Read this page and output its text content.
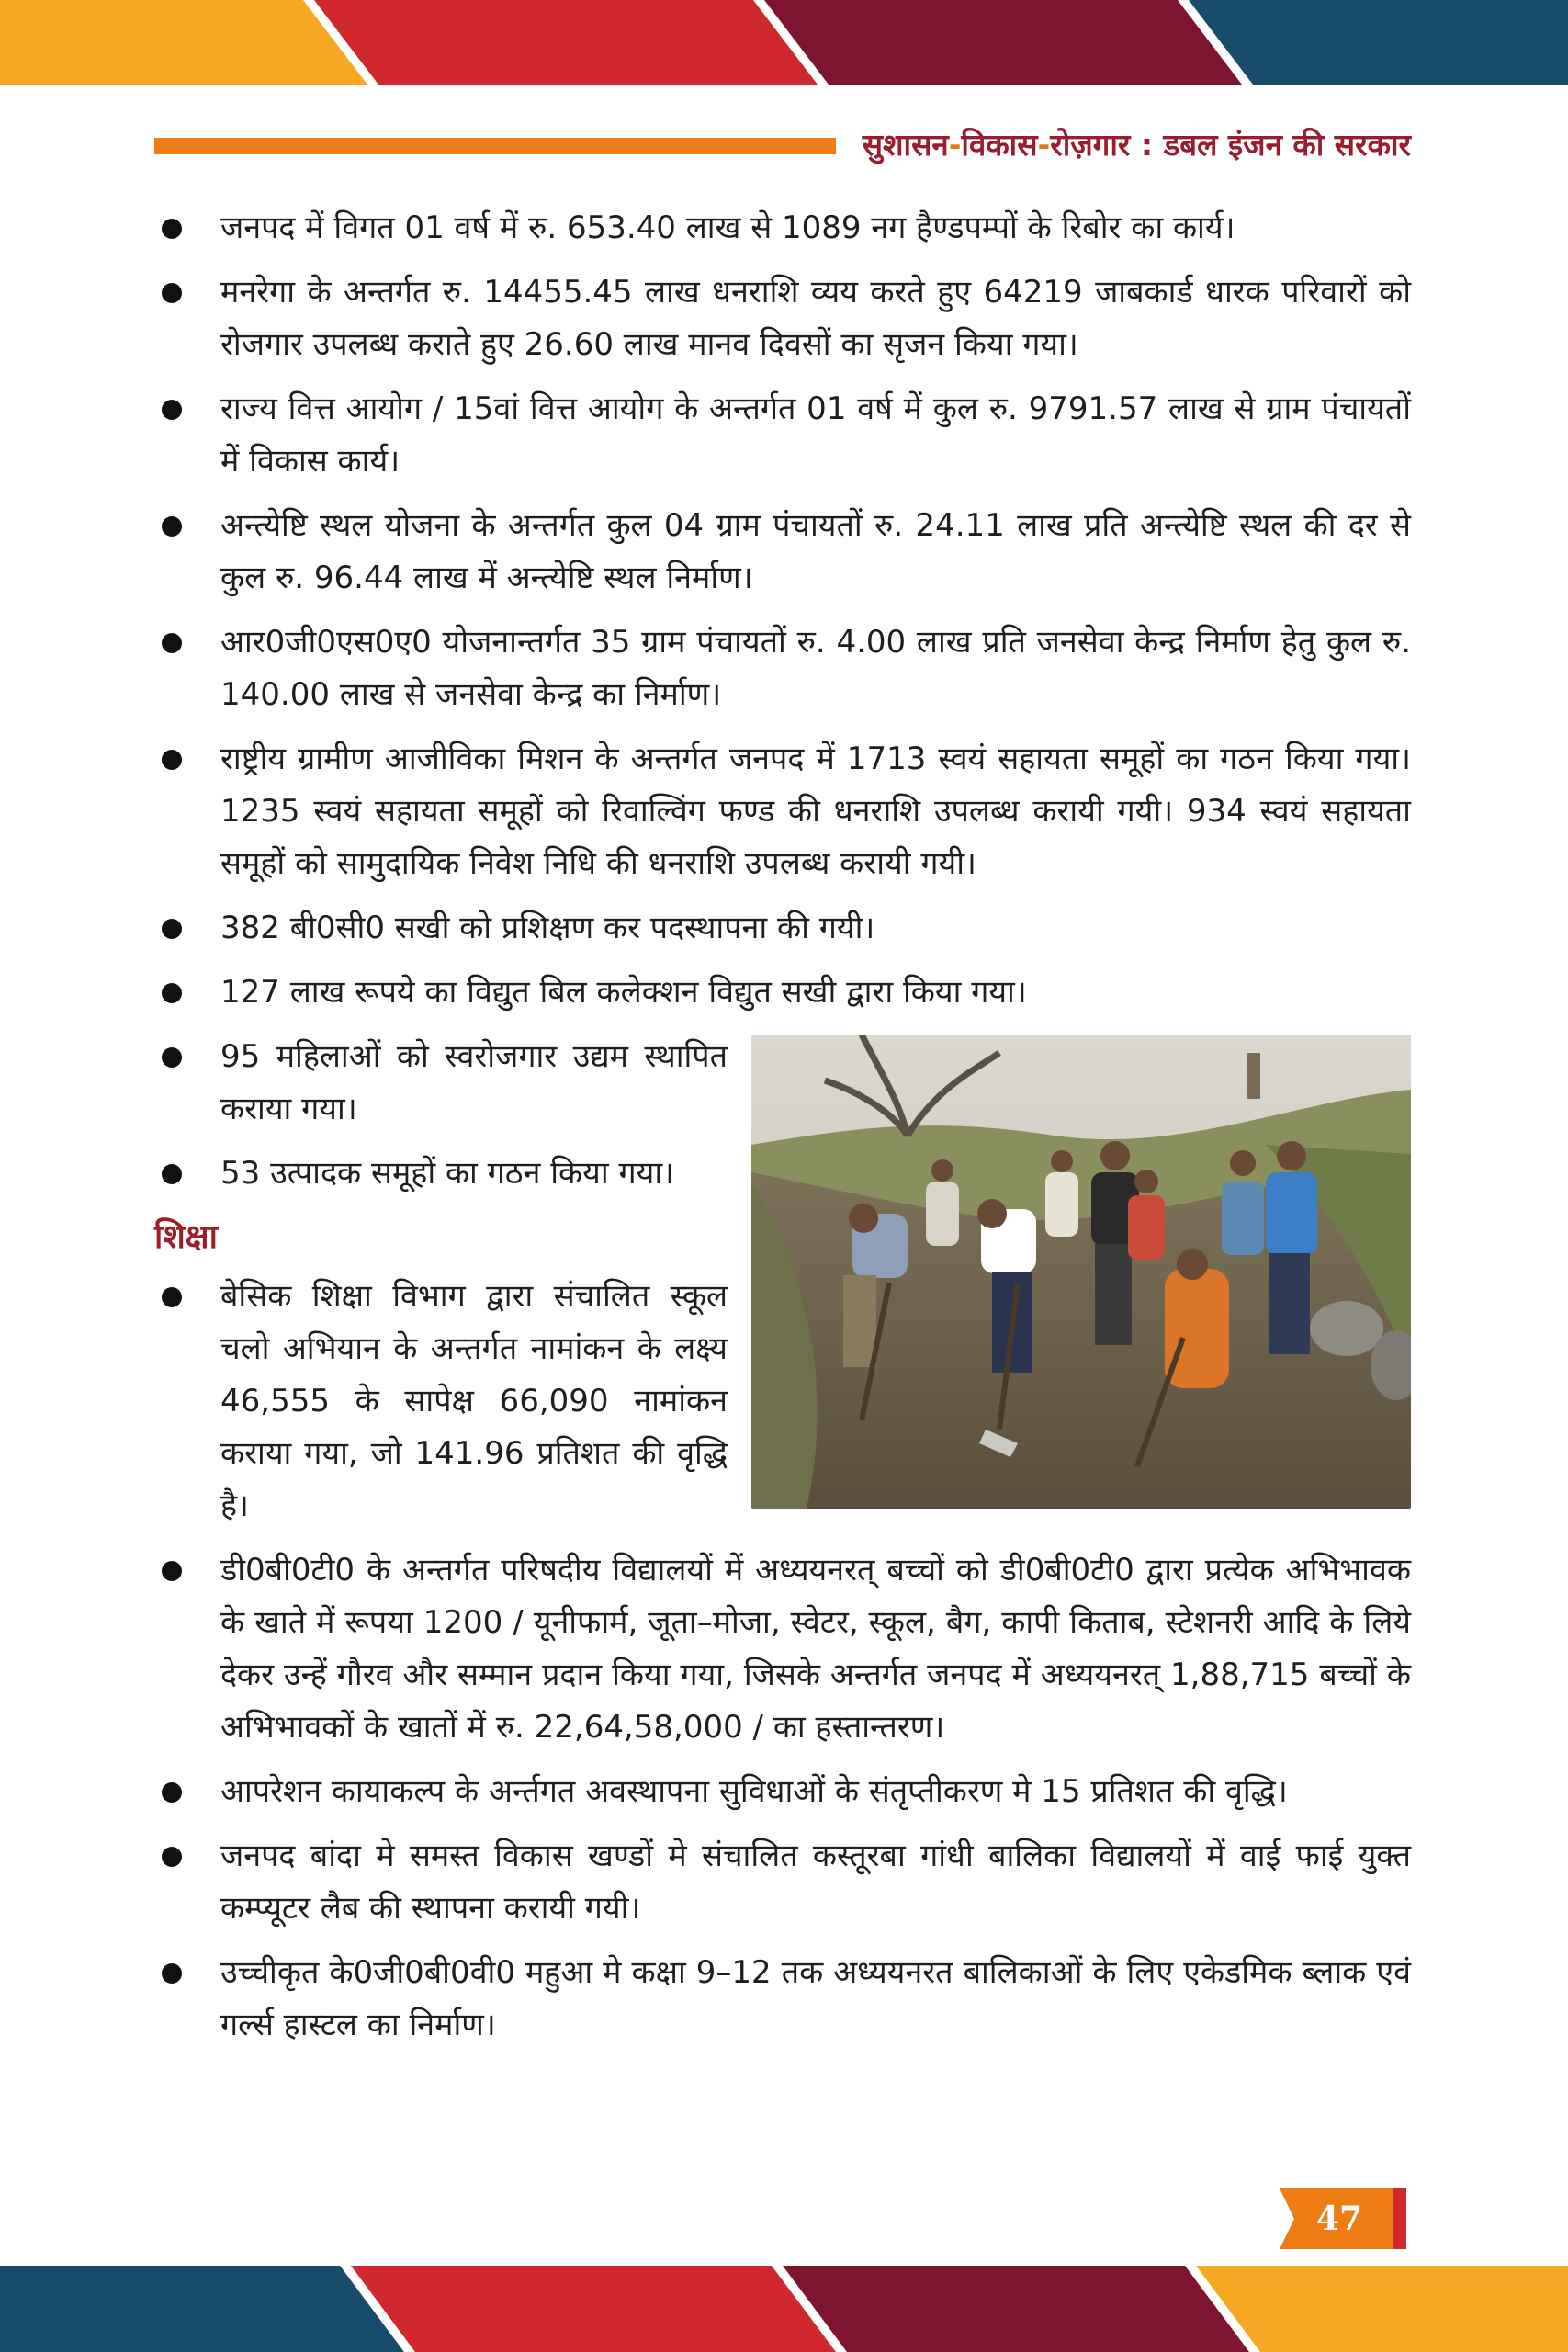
सुशासन-विकास-रोज़गार : डबल इंजन की सरकार
जनपद में विगत 01 वर्ष में रु. 653.40 लाख से 1089 नग हैण्डपम्पों के रिबोर का कार्य।
मनरेगा के अन्तर्गत रु. 14455.45 लाख धनराशि व्यय करते हुए 64219 जाबकार्ड धारक परिवारों को रोजगार उपलब्ध कराते हुए 26.60 लाख मानव दिवसों का सृजन किया गया।
राज्य वित्त आयोग / 15वां वित्त आयोग के अन्तर्गत 01 वर्ष में कुल रु. 9791.57 लाख से ग्राम पंचायतों में विकास कार्य।
अन्त्येष्टि स्थल योजना के अन्तर्गत कुल 04 ग्राम पंचायतों रु. 24.11 लाख प्रति अन्त्येष्टि स्थल की दर से कुल रु. 96.44 लाख में अन्त्येष्टि स्थल निर्माण।
आर0जी0एस0ए0 योजनान्तर्गत 35 ग्राम पंचायतों रु. 4.00 लाख प्रति जनसेवा केन्द्र निर्माण हेतु कुल रु. 140.00 लाख से जनसेवा केन्द्र का निर्माण।
राष्ट्रीय ग्रामीण आजीविका मिशन के अन्तर्गत जनपद में 1713 स्वयं सहायता समूहों का गठन किया गया। 1235 स्वयं सहायता समूहों को रिवाल्विंग फण्ड की धनराशि उपलब्ध करायी गयी। 934 स्वयं सहायता समूहों को सामुदायिक निवेश निधि की धनराशि उपलब्ध करायी गयी।
382 बी0सी0 सखी को प्रशिक्षण कर पदस्थापना की गयी।
127 लाख रूपये का विद्युत बिल कलेक्शन विद्युत सखी द्वारा किया गया।
95 महिलाओं को स्वरोजगार उद्यम स्थापित कराया गया।
53 उत्पादक समूहों का गठन किया गया।
शिक्षा
बेसिक शिक्षा विभाग द्वारा संचालित स्कूल चलो अभियान के अन्तर्गत नामांकन के लक्ष्य 46,555 के सापेक्ष 66,090 नामांकन कराया गया, जो 141.96 प्रतिशत की वृद्धि है।
डी0बी0टी0 के अन्तर्गत परिषदीय विद्यालयों में अध्ययनरत् बच्चों को डी0बी0टी0 द्वारा प्रत्येक अभिभावक के खाते में रूपया 1200 / यूनीफार्म, जूता–मोजा, स्वेटर, स्कूल, बैग, कापी किताब, स्टेशनरी आदि के लिये देकर उन्हें गौरव और सम्मान प्रदान किया गया, जिसके अन्तर्गत जनपद में अध्ययनरत् 1,88,715 बच्चों के अभिभावकों के खातों में रु. 22,64,58,000 / का हस्तान्तरण।
आपरेशन कायाकल्प के अर्न्तगत अवस्थापना सुविधाओं के संतृप्तीकरण मे 15 प्रतिशत की वृद्धि।
जनपद बांदा मे समस्त विकास खण्डों मे संचालित कस्तूरबा गांधी बालिका विद्यालयों में वाई फाई युक्त कम्प्यूटर लैब की स्थापना करायी गयी।
उच्चीकृत के0जी0बी0वी0 महुआ मे कक्षा 9–12 तक अध्ययनरत बालिकाओं के लिए एकेडमिक ब्लाक एवं गर्ल्स हास्टल का निर्माण।
47
